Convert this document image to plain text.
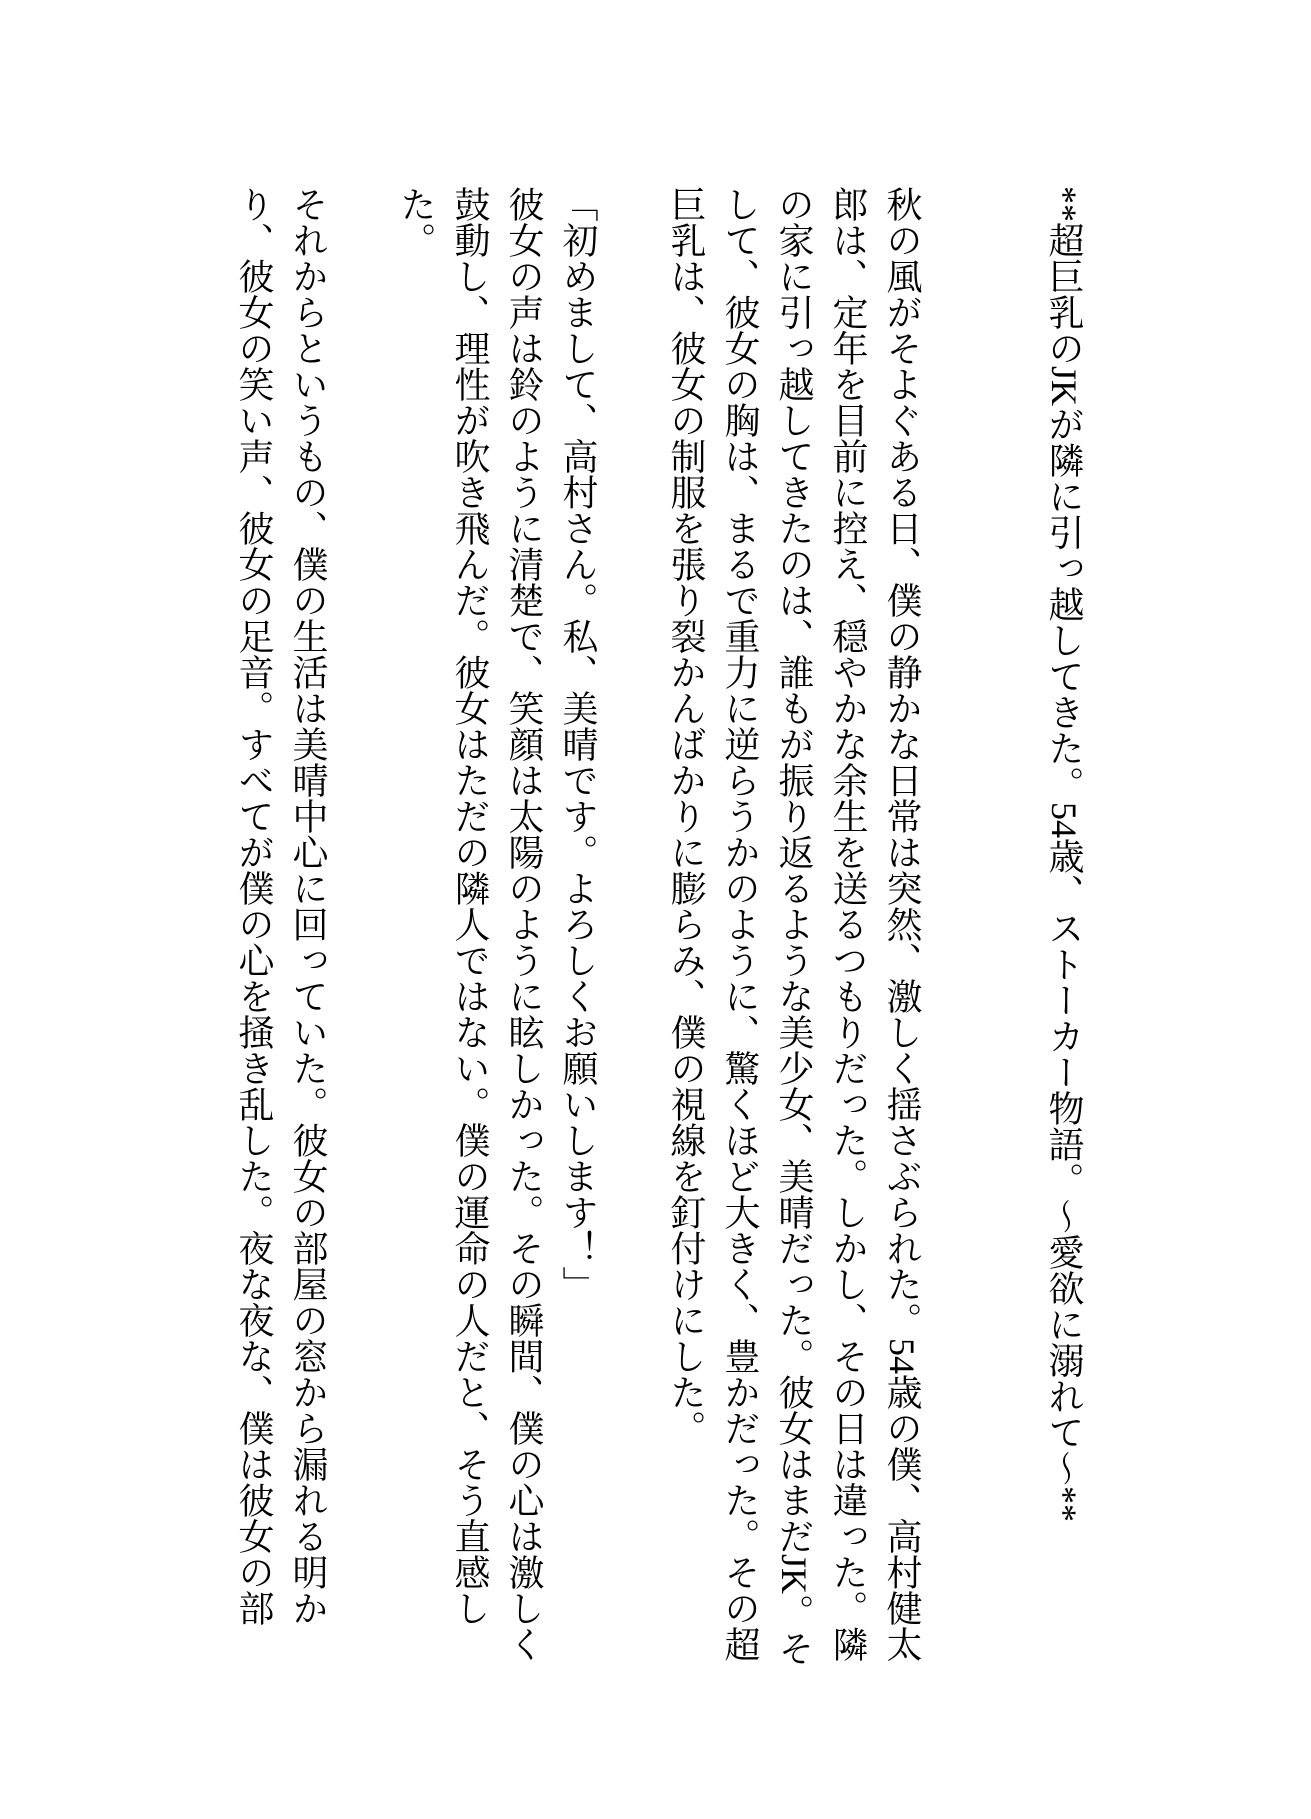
**超巨乳のJKが隣に引っ越してきた。54歳、ストーカー物語。～愛欲に溺れて～**

秋の風がそよぐある日、僕の静かな日常は突然、激しく揺さぶられた。54歳の僕、高村健太郎は、定年を目前に控え、穏やかな余生を送るつもりだった。しかし、その日は違った。隣の家に引っ越してきたのは、誰もが振り返るような美少女、美晴だった。彼女はまだJK。そして、彼女の胸は、まるで重力に逆らうかのように、驚くほど大きく、豊かだった。その超巨乳は、彼女の制服を張り裂かんばかりに膨らみ、僕の視線を釘付けにした。

「初めまして、高村さん。私、美晴です。よろしくお願いします！」

彼女の声は鈴のように清楚で、笑顔は太陽のように眩しかった。その瞬間、僕の心は激しく鼓動し、理性が吹き飛んだ。彼女はただの隣人ではない。僕の運命の人だと、そう直感した。

それからというもの、僕の生活は美晴中心に回っていた。彼女の部屋の窓から漏れる明かり、彼女の笑い声、彼女の足音。すべてが僕の心を掻き乱した。夜な夜な、僕は彼女の部
